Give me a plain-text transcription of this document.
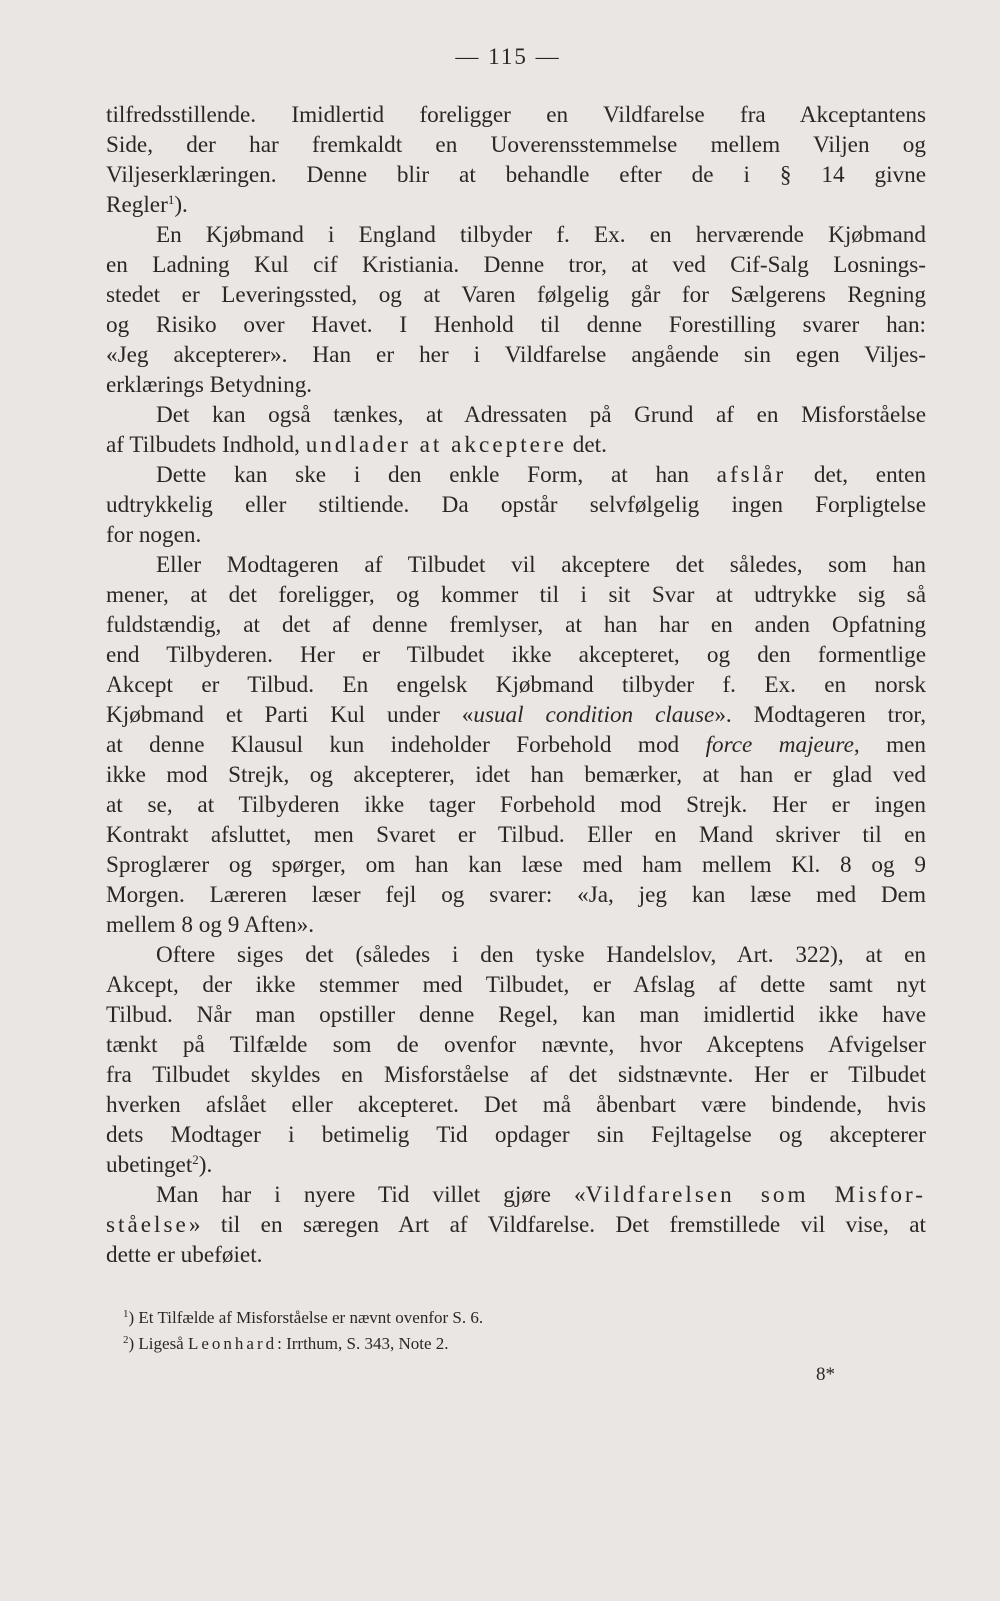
— 115 —
tilfredsstillende. Imidlertid foreligger en Vildfarelse fra Akceptantens
Side, der har fremkaldt en Uoverensstemmelse mellem Viljen og
Viljeserklæringen. Denne blir at behandle efter de i § 14 givne
Regler$^1$).
En Kjøbmand i England tilbyder f. Ex. en herværende Kjøbmand
en Ladning Kul cif Kristiania. Denne tror, at ved Cif-Salg Losnings-
stedet er Leveringssted, og at Varen følgelig går for Sælgerens Regning
og Risiko over Havet. I Henhold til denne Forestilling svarer han:
«Jeg akcepterer». Han er her i Vildfarelse angående sin egen Viljes-
erklærings Betydning.
Det kan også tænkes, at Adressaten på Grund af en Misforståelse
af Tilbudets Indhold, undlader at akceptere det.
Dette kan ske i den enkle Form, at han afslår det, enten
udtrykkelig eller stiltiende. Da opstår selvfølgelig ingen Forpligtelse
for nogen.
Eller Modtageren af Tilbudet vil akceptere det således, som han
mener, at det foreligger, og kommer til i sit Svar at udtrykke sig så
fuldstændig, at det af denne fremlyser, at han har en anden Opfatning
end Tilbyderen. Her er Tilbudet ikke akcepteret, og den formentlige
Akcept er Tilbud. En engelsk Kjøbmand tilbyder f. Ex. en norsk
Kjøbmand et Parti Kul under «usual condition clause». Modtageren tror,
at denne Klausul kun indeholder Forbehold mod force majeure, men
ikke mod Strejk, og akcepterer, idet han bemærker, at han er glad ved
at se, at Tilbyderen ikke tager Forbehold mod Strejk. Her er ingen
Kontrakt afsluttet, men Svaret er Tilbud. Eller en Mand skriver til en
Sproglærer og spørger, om han kan læse med ham mellem Kl. 8 og 9
Morgen. Læreren læser fejl og svarer: «Ja, jeg kan læse med Dem
mellem 8 og 9 Aften».
Oftere siges det (således i den tyske Handelslov, Art. 322), at en
Akcept, der ikke stemmer med Tilbudet, er Afslag af dette samt nyt
Tilbud. Når man opstiller denne Regel, kan man imidlertid ikke have
tænkt på Tilfælde som de ovenfor nævnte, hvor Akceptens Afvigelser
fra Tilbudet skyldes en Misforståelse af det sidstnævnte. Her er Tilbudet
hverken afslået eller akcepteret. Det må åbenbart være bindende, hvis
dets Modtager i betimelig Tid opdager sin Fejltagelse og akcepterer
ubetinget$^2$).
Man har i nyere Tid villet gjøre «Vildfarelsen som Misfor-
ståelse» til en særegen Art af Vildfarelse. Det fremstillede vil vise, at
dette er ubeføiet.
$^1$) Et Tilfælde af Misforståelse er nævnt ovenfor S. 6.
$^2$) Ligeså Leonhard: Irrthum, S. 343, Note 2.
8*
